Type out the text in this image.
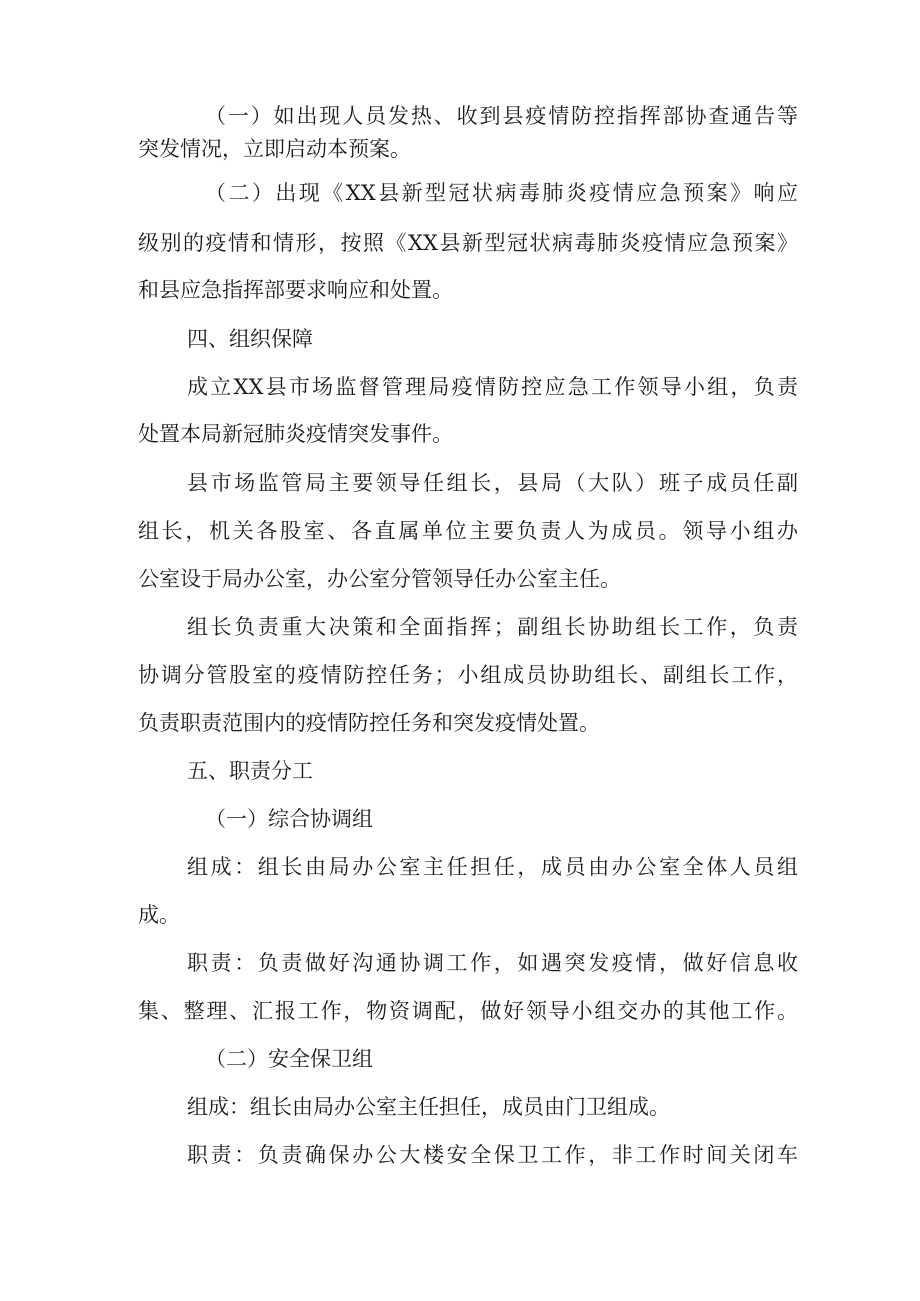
（一）如出现人员发热、收到县疫情防控指挥部协查通告等
突发情况，立即启动本预案。
（二）出现《XX县新型冠状病毒肺炎疫情应急预案》响应
级别的疫情和情形，按照《XX县新型冠状病毒肺炎疫情应急预案》
和县应急指挥部要求响应和处置。
四、组织保障
成立XX县市场监督管理局疫情防控应急工作领导小组，负责
处置本局新冠肺炎疫情突发事件。
县市场监管局主要领导任组长，县局（大队）班子成员任副
组长，机关各股室、各直属单位主要负责人为成员。领导小组办
公室设于局办公室，办公室分管领导任办公室主任。
组长负责重大决策和全面指挥；副组长协助组长工作，负责
协调分管股室的疫情防控任务；小组成员协助组长、副组长工作，
负责职责范围内的疫情防控任务和突发疫情处置。
五、职责分工
（一）综合协调组
组成：组长由局办公室主任担任，成员由办公室全体人员组
成。
职责：负责做好沟通协调工作，如遇突发疫情，做好信息收
集、整理、汇报工作，物资调配，做好领导小组交办的其他工作。
（二）安全保卫组
组成：组长由局办公室主任担任，成员由门卫组成。
职责：负责确保办公大楼安全保卫工作，非工作时间关闭车
